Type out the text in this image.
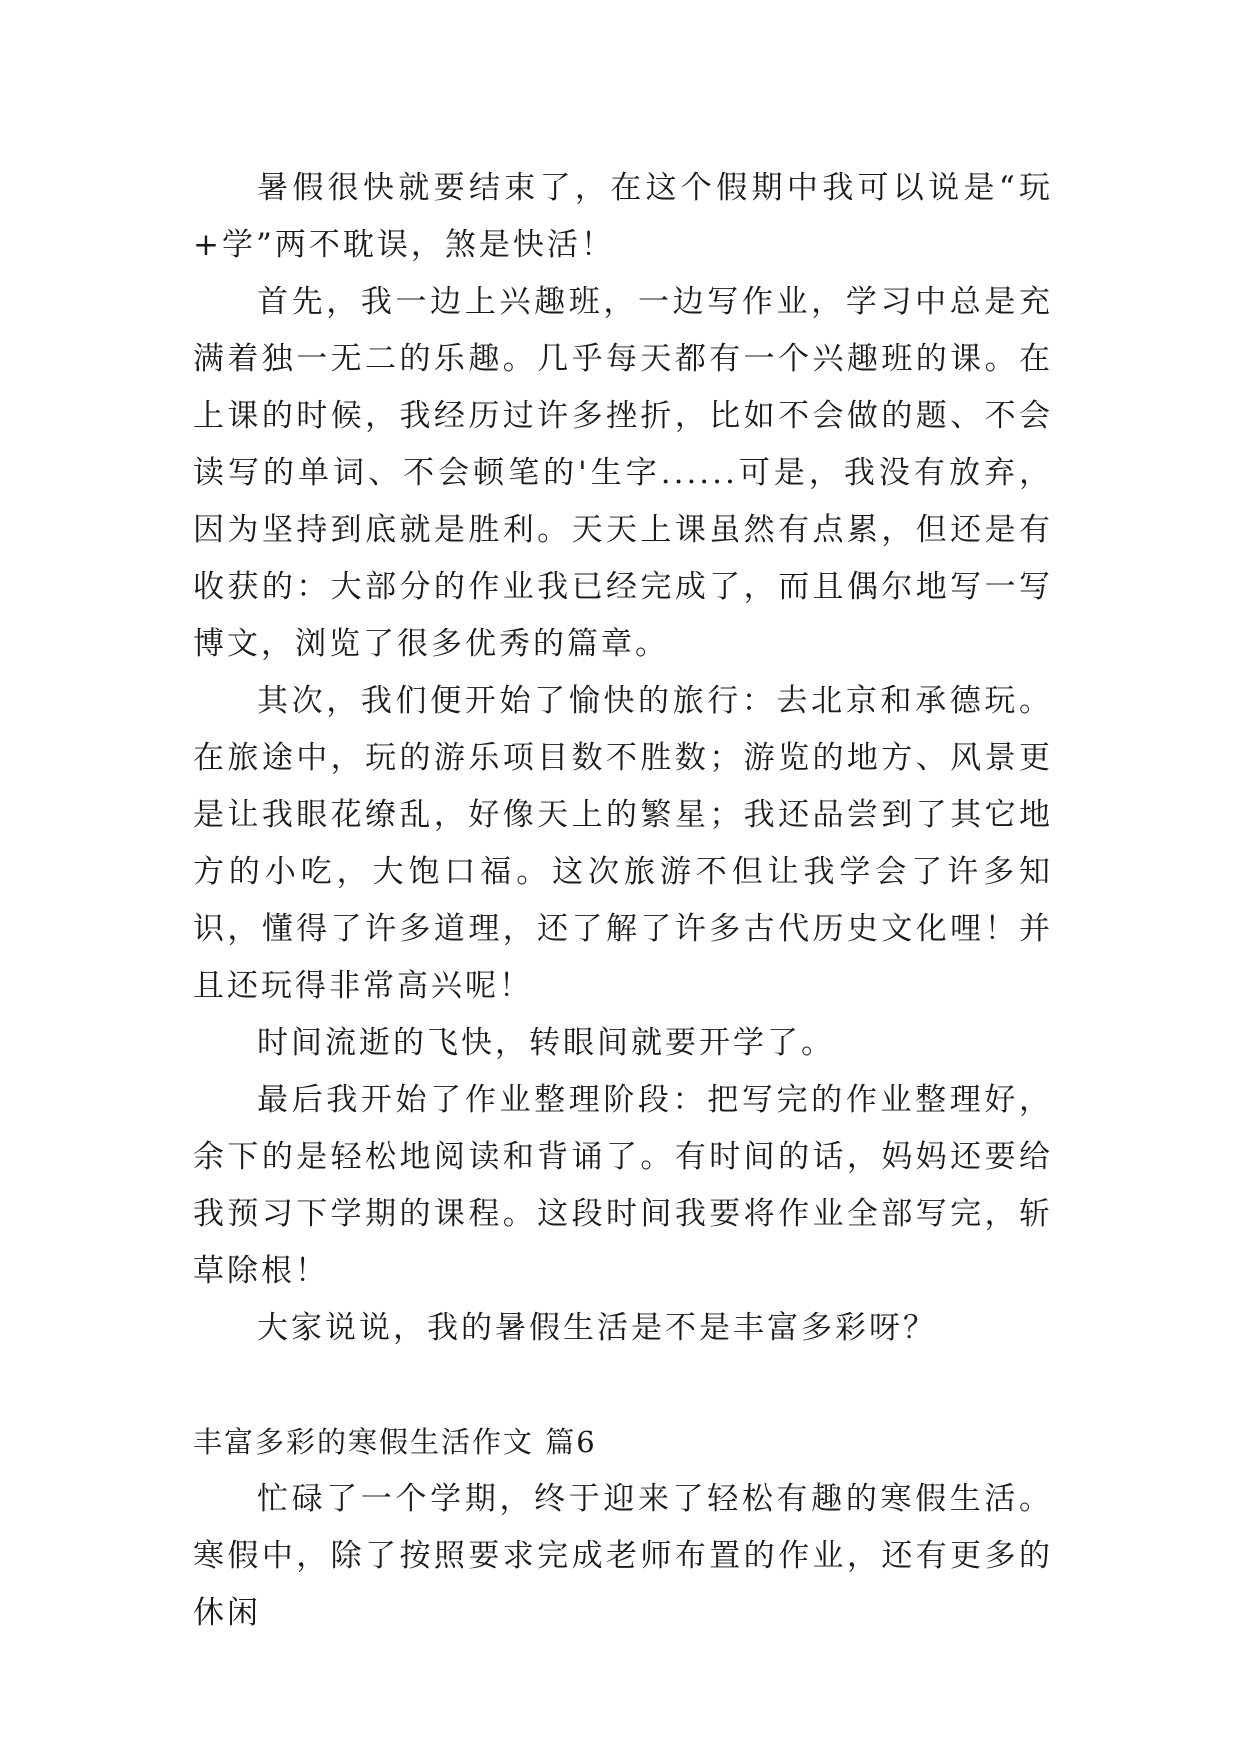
暑假很快就要结束了，在这个假期中我可以说是“玩+学”两不耽误，煞是快活！

首先，我一边上兴趣班，一边写作业，学习中总是充满着独一无二的乐趣。几乎每天都有一个兴趣班的课。在上课的时候，我经历过许多挫折，比如不会做的题、不会读写的单词、不会顿笔的'生字......可是，我没有放弃，因为坚持到底就是胜利。天天上课虽然有点累，但还是有收获的：大部分的作业我已经完成了，而且偶尔地写一写博文，浏览了很多优秀的篇章。

其次，我们便开始了愉快的旅行：去北京和承德玩。在旅途中，玩的游乐项目数不胜数；游览的地方、风景更是让我眼花缭乱，好像天上的繁星；我还品尝到了其它地方的小吃，大饱口福。这次旅游不但让我学会了许多知识，懂得了许多道理，还了解了许多古代历史文化哩！并且还玩得非常高兴呢！

时间流逝的飞快，转眼间就要开学了。

最后我开始了作业整理阶段：把写完的作业整理好，余下的是轻松地阅读和背诵了。有时间的话，妈妈还要给我预习下学期的课程。这段时间我要将作业全部写完，斩草除根！

大家说说，我的暑假生活是不是丰富多彩呀？

丰富多彩的寒假生活作文 篇6

忙碌了一个学期，终于迎来了轻松有趣的寒假生活。寒假中，除了按照要求完成老师布置的作业，还有更多的休闲
